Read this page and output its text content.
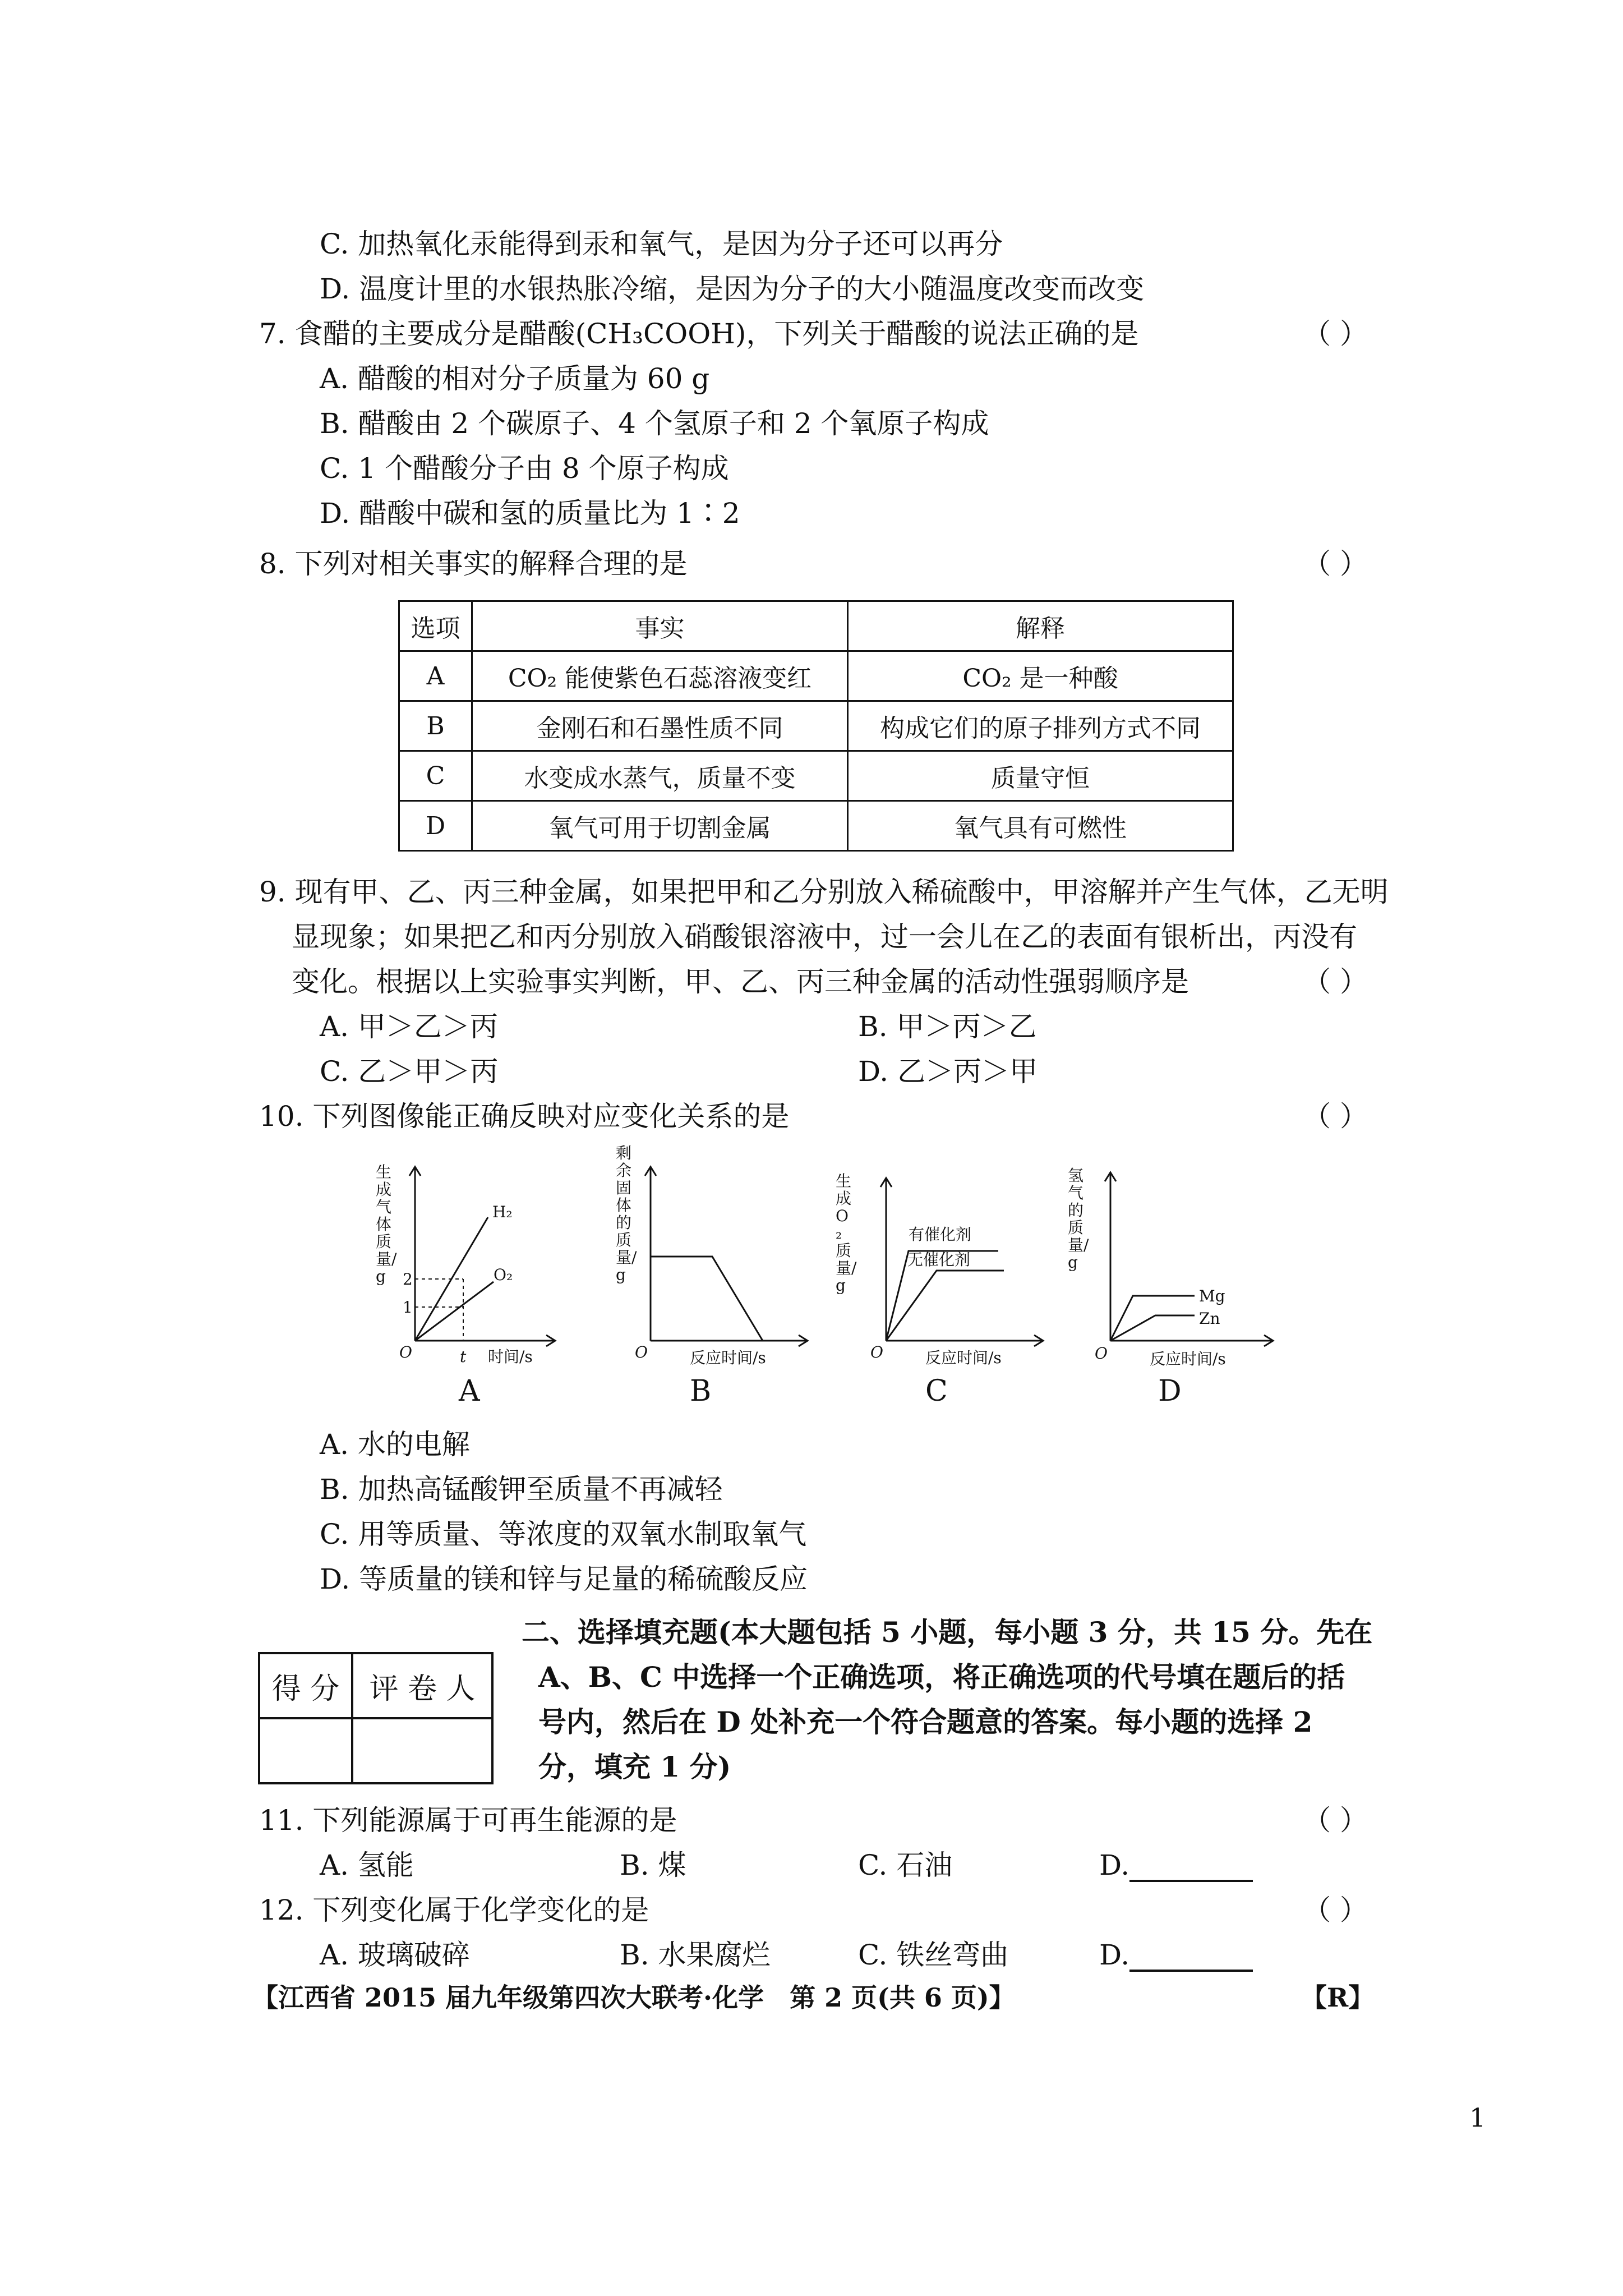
C. 加热氧化汞能得到汞和氧气，是因为分子还可以再分
D. 温度计里的水银热胀冷缩，是因为分子的大小随温度改变而改变
7. 食醋的主要成分是醋酸(CH₃COOH)，下列关于醋酸的说法正确的是	（ ）
A. 醋酸的相对分子质量为 60 g
B. 醋酸由 2 个碳原子、4 个氢原子和 2 个氧原子构成
C. 1 个醋酸分子由 8 个原子构成
D. 醋酸中碳和氢的质量比为 1∶2
8. 下列对相关事实的解释合理的是	（ ）
选项	事实	解释
A	CO₂ 能使紫色石蕊溶液变红	CO₂ 是一种酸
B	金刚石和石墨性质不同	构成它们的原子排列方式不同
C	水变成水蒸气，质量不变	质量守恒
D	氧气可用于切割金属	氧气具有可燃性
9. 现有甲、乙、丙三种金属，如果把甲和乙分别放入稀硫酸中，甲溶解并产生气体，乙无明
显现象；如果把乙和丙分别放入硝酸银溶液中，过一会儿在乙的表面有银析出，丙没有
变化。根据以上实验事实判断，甲、乙、丙三种金属的活动性强弱顺序是	（ ）
A. 甲＞乙＞丙	B. 甲＞丙＞乙
C. 乙＞甲＞丙	D. 乙＞丙＞甲
10. 下列图像能正确反映对应变化关系的是	（ ）
H₂
O₂
2
1
t
O	时间/s
生成气体质量/g
O	反应时间/s
剩余固体的质量/g
有催化剂
无催化剂
O	反应时间/s
生成O₂质量/g
Mg
Zn
O	反应时间/s
氢气的质量/g
A	B	C	D
A. 水的电解
B. 加热高锰酸钾至质量不再减轻
C. 用等质量、等浓度的双氧水制取氧气
D. 等质量的镁和锌与足量的稀硫酸反应
得 分	评 卷 人

二、选择填充题(本大题包括 5 小题，每小题 3 分，共 15 分。先在
A、B、C 中选择一个正确选项，将正确选项的代号填在题后的括
号内，然后在 D 处补充一个符合题意的答案。每小题的选择 2
分，填充 1 分)
11. 下列能源属于可再生能源的是	（ ）
A. 氢能	B. 煤	C. 石油	D.
12. 下列变化属于化学变化的是	（ ）
A. 玻璃破碎	B. 水果腐烂	C. 铁丝弯曲	D.
【江西省 2015 届九年级第四次大联考·化学　第 2 页(共 6 页)】	【R】
1
